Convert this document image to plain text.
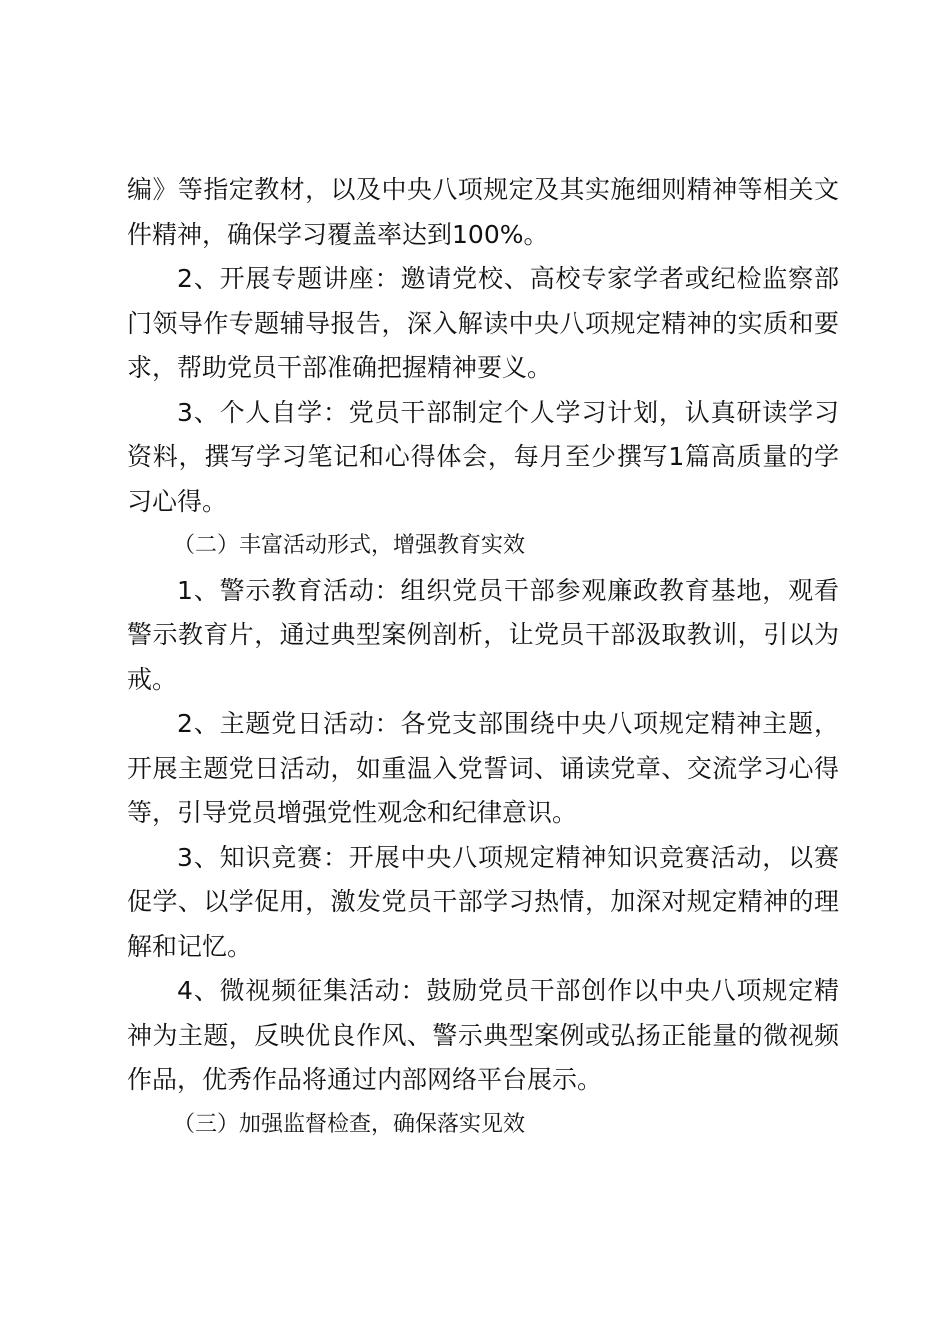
编》等指定教材，以及中央八项规定及其实施细则精神等相关文件精神，确保学习覆盖率达到100%。

2、开展专题讲座：邀请党校、高校专家学者或纪检监察部门领导作专题辅导报告，深入解读中央八项规定精神的实质和要求，帮助党员干部准确把握精神要义。

3、个人自学：党员干部制定个人学习计划，认真研读学习资料，撰写学习笔记和心得体会，每月至少撰写1篇高质量的学习心得。

（二）丰富活动形式，增强教育实效

1、警示教育活动：组织党员干部参观廉政教育基地，观看警示教育片，通过典型案例剖析，让党员干部汲取教训，引以为戒。

2、主题党日活动：各党支部围绕中央八项规定精神主题，开展主题党日活动，如重温入党誓词、诵读党章、交流学习心得等，引导党员增强党性观念和纪律意识。

3、知识竞赛：开展中央八项规定精神知识竞赛活动，以赛促学、以学促用，激发党员干部学习热情，加深对规定精神的理解和记忆。

4、微视频征集活动：鼓励党员干部创作以中央八项规定精神为主题，反映优良作风、警示典型案例或弘扬正能量的微视频作品，优秀作品将通过内部网络平台展示。

（三）加强监督检查，确保落实见效
